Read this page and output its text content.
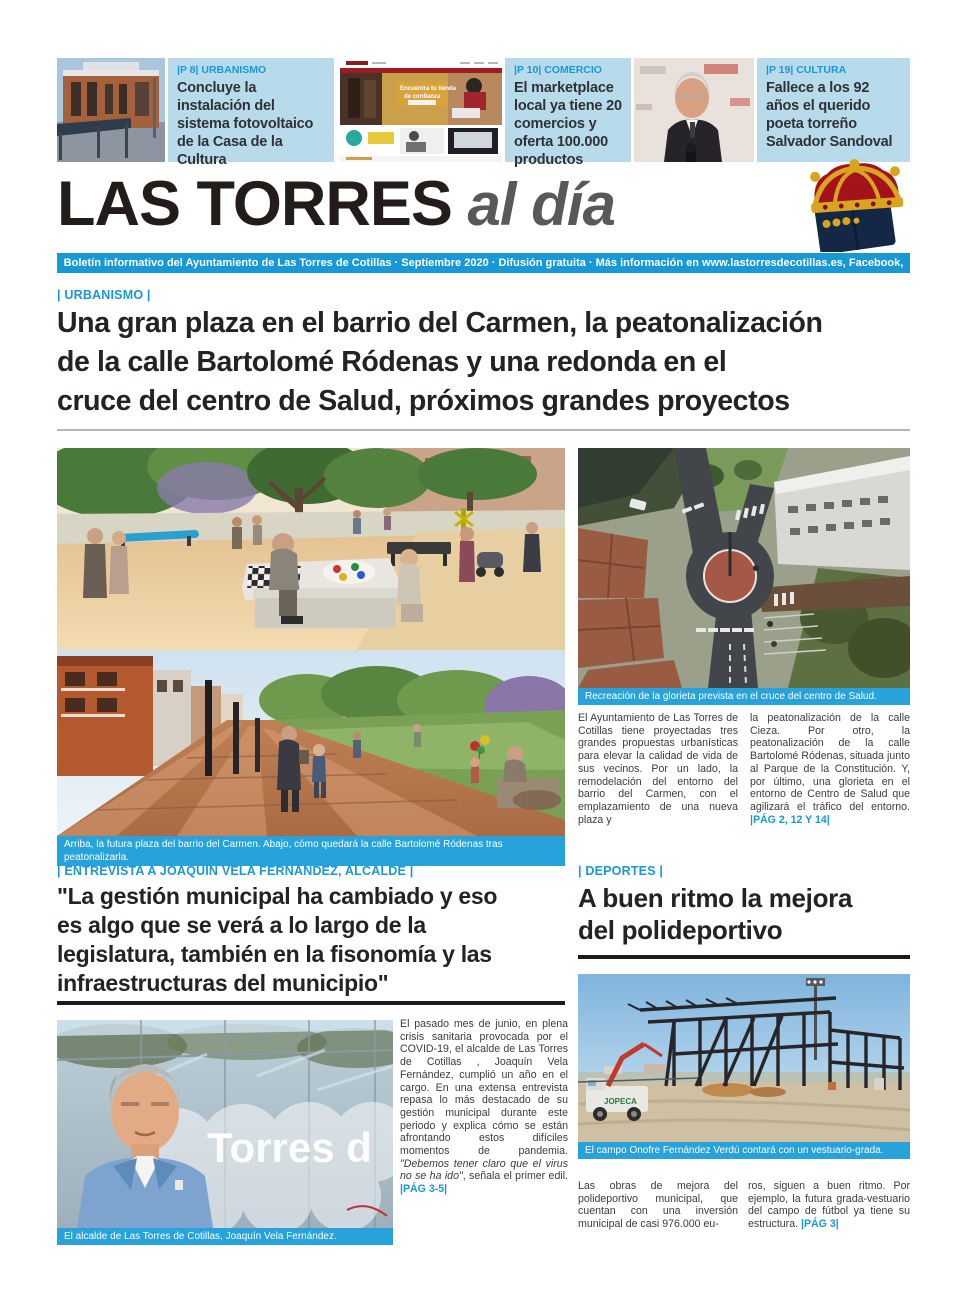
|P 8| URBANISMO
Concluye la instalación del sistema fotovoltaico de la Casa de la Cultura
Encuentra tu tienda
de confianza
|P 10| COMERCIO
El marketplace local ya tiene 20 comercios y oferta 100.000 productos
|P 19| CULTURA
Fallece a los 92 años el querido poeta torreño Salvador Sandoval
LAS TORRES al día
Boletín informativo del Ayuntamiento de Las Torres de Cotillas · Septiembre 2020 · Difusión gratuita · Más información en www.lastorresdecotillas.es, Facebook, Twitter e Instagram
| URBANISMO |
Una gran plaza en el barrio del Carmen, la peatonalización
de la calle Bartolomé Ródenas y una redonda en el
cruce del centro de Salud, próximos grandes proyectos
Arriba, la futura plaza del barrio del Carmen. Abajo, cómo quedará la calle Bartolomé Ródenas tras peatonalizarla.
Recreación de la glorieta prevista en el cruce del centro de Salud.
El Ayuntamiento de Las Torres de Cotillas tiene proyectadas tres grandes propuestas urbanísticas para elevar la calidad de vida de sus vecinos. Por un lado, la remodelación del entorno del barrio del Carmen, con el emplazamiento de una nueva plaza y
la peatonalización de la calle Cieza. Por otro, la peatonalización de la calle Bartolomé Ródenas, situada junto al Parque de la Constitución. Y, por último, una glorieta en el entorno de Centro de Salud que agilizará el tráfico del entorno. |PÁG 2, 12 Y 14|
| ENTREVISTA A JOAQUÍN VELA FERNÁNDEZ, ALCALDE |
"La gestión municipal ha cambiado y eso
es algo que se verá a lo largo de la
legislatura, también en la fisonomía y las
infraestructuras del municipio"
| DEPORTES |
A buen ritmo la mejora
del polideportivo
Torres d
El alcalde de Las Torres de Cotillas, Joaquín Vela Fernández.
El pasado mes de junio, en plena crisis sanitaria provocada por el COVID-19, el alcalde de Las Torres de Cotillas , Joaquín Vela Fernández, cumplió un año en el cargo. En una extensa entrevista repasa lo más destacado de su gestión municipal durante este periodo y explica cómo se están afrontando estos difíciles momentos de pandemia. "Debemos tener claro que el virus no se ha ido", señala el primer edil. |PÁG 3-5|
JOPECA
El campo Onofre Fernández Verdú contará con un vestuario-grada.
Las obras de mejora del polideportivo municipal, que cuentan con una inversión municipal de casi 976.000 eu-
ros, siguen a buen ritmo. Por ejemplo, la futura grada-vestuario del campo de fútbol ya tiene su estructura. |PÁG 3|
